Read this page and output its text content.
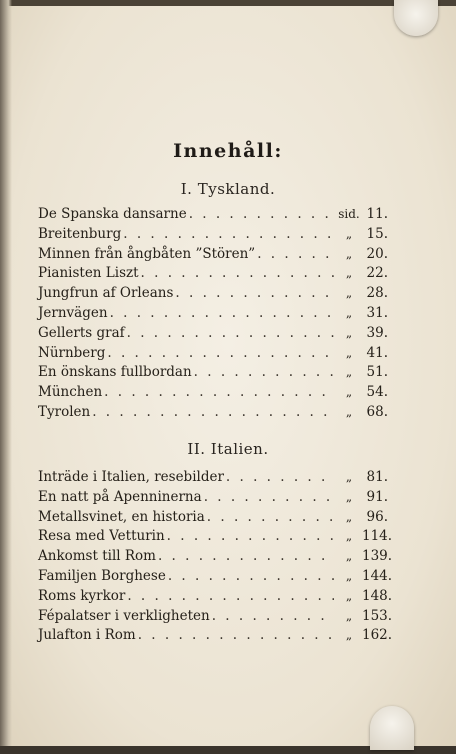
Innehåll:
I. Tyskland.
De Spanska dansarne . . .	sid. 11.
Breitenburg . . .	„	15.
Minnen från ångbåten ”Stören” . . .	„	20.
Pianisten Liszt . . .	„	22.
Jungfrun af Orleans . . .	„	28.
Jernvägen . . .	„	31.
Gellerts graf . . .	„	39.
Nürnberg . . .	„	41.
En önskans fullbordan . . .	„	51.
München . . .	„	54.
Tyrolen . . .	„	68.
II. Italien.
Inträde i Italien, resebilder . . .	„	81.
En natt på Apenninerna . . .	„	91.
Metallsvinet, en historia . . .	„	96.
Resa med Vetturin . . .	„ 114.
Ankomst till Rom . . .	„ 139.
Familjen Borghese . . .	„ 144.
Roms kyrkor . . .	„ 148.
Fépalatser i verkligheten . . .	„ 153.
Julafton i Rom . . .	„ 162.
